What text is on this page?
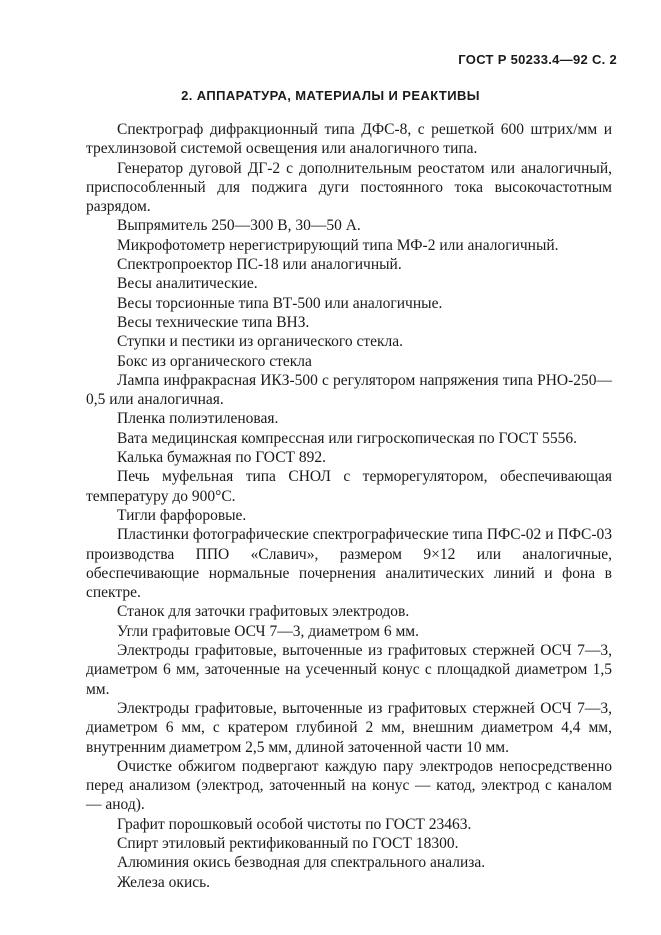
ГОСТ Р 50233.4—92 С. 2
2. АППАРАТУРА, МАТЕРИАЛЫ И РЕАКТИВЫ

Спектрограф дифракционный типа ДФС-8, с решеткой 600 штрих/мм и трехлинзовой системой освещения или аналогичного типа.

Генератор дуговой ДГ-2 с дополнительным реостатом или аналогичный, приспособленный для поджига дуги постоянного тока высокочастотным разрядом.

Выпрямитель 250—300 В, 30—50 А.

Микрофотометр нерегистрирующий типа МФ-2 или аналогичный.

Спектропроектор ПС-18 или аналогичный.

Весы аналитические.

Весы торсионные типа ВТ-500 или аналогичные.

Весы технические типа ВНЗ.

Ступки и пестики из органического стекла.

Бокс из органического стекла

Лампа инфракрасная ИКЗ-500 с регулятором напряжения типа РНО-250—0,5 или аналогичная.

Пленка полиэтиленовая.

Вата медицинская компрессная или гигроскопическая по ГОСТ 5556.

Калька бумажная по ГОСТ 892.

Печь муфельная типа СНОЛ с терморегулятором, обеспечивающая температуру до 900°С.

Тигли фарфоровые.

Пластинки фотографические спектрографические типа ПФС-02 и ПФС-03 производства ППО «Славич», размером 9×12 или аналогичные, обеспечивающие нормальные почернения аналитических линий и фона в спектре.

Станок для заточки графитовых электродов.

Угли графитовые ОСЧ 7—3, диаметром 6 мм.

Электроды графитовые, выточенные из графитовых стержней ОСЧ 7—3, диаметром 6 мм, заточенные на усеченный конус с площадкой диаметром 1,5 мм.

Электроды графитовые, выточенные из графитовых стержней ОСЧ 7—3, диаметром 6 мм, с кратером глубиной 2 мм, внешним диаметром 4,4 мм, внутренним диаметром 2,5 мм, длиной заточенной части 10 мм.

Очистке обжигом подвергают каждую пару электродов непосредственно перед анализом (электрод, заточенный на конус — катод, электрод с каналом — анод).

Графит порошковый особой чистоты по ГОСТ 23463.

Спирт этиловый ректификованный по ГОСТ 18300.

Алюминия окись безводная для спектрального анализа.

Железа окись.
